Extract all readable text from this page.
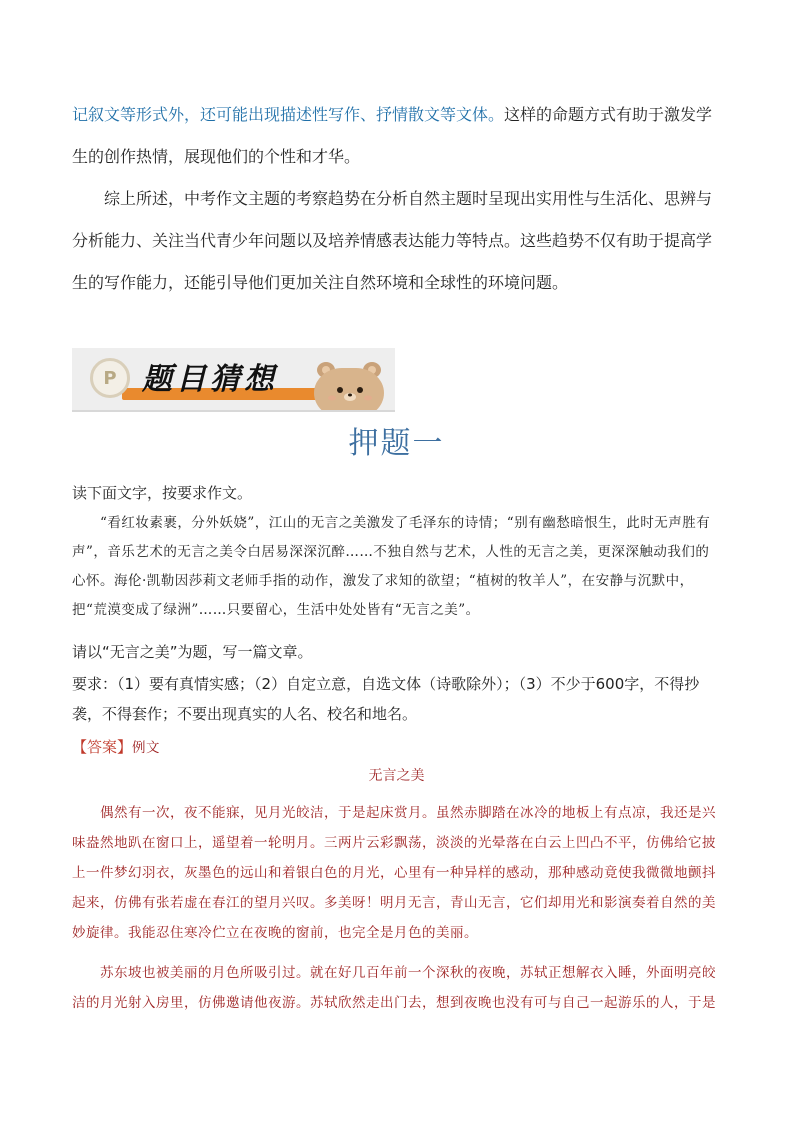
记叙文等形式外，还可能出现描述性写作、抒情散文等文体。这样的命题方式有助于激发学生的创作热情，展现他们的个性和才华。

综上所述，中考作文主题的考察趋势在分析自然主题时呈现出实用性与生活化、思辨与分析能力、关注当代青少年问题以及培养情感表达能力等特点。这些趋势不仅有助于提高学生的写作能力，还能引导他们更加关注自然环境和全球性的环境问题。

P 题目猜想
押题一

读下面文字，按要求作文。

“看红妆素裹，分外妖娆”，江山的无言之美激发了毛泽东的诗情；“别有幽愁暗恨生，此时无声胜有声”，音乐艺术的无言之美令白居易深深沉醉……不独自然与艺术，人性的无言之美，更深深触动我们的心怀。海伦·凯勒因莎莉文老师手指的动作，激发了求知的欲望；“植树的牧羊人”，在安静与沉默中，把“荒漠变成了绿洲”……只要留心，生活中处处皆有“无言之美”。

请以“无言之美”为题，写一篇文章。

要求：（1）要有真情实感；（2）自定立意，自选文体（诗歌除外）；（3）不少于600字，不得抄袭，不得套作；不要出现真实的人名、校名和地名。

【答案】例文

无言之美

偶然有一次，夜不能寐，见月光皎洁，于是起床赏月。虽然赤脚踏在冰冷的地板上有点凉，我还是兴味盎然地趴在窗口上，遥望着一轮明月。三两片云彩飘荡，淡淡的光晕落在白云上凹凸不平，仿佛给它披上一件梦幻羽衣，灰墨色的远山和着银白色的月光，心里有一种异样的感动，那种感动竟使我微微地颤抖起来，仿佛有张若虚在春江的望月兴叹。多美呀！明月无言，青山无言，它们却用光和影演奏着自然的美妙旋律。我能忍住寒冷伫立在夜晚的窗前，也完全是月色的美丽。

苏东坡也被美丽的月色所吸引过。就在好几百年前一个深秋的夜晚，苏轼正想解衣入睡，外面明亮皎洁的月光射入房里，仿佛邀请他夜游。苏轼欣然走出门去，想到夜晚也没有可与自己一起游乐的人，于是
